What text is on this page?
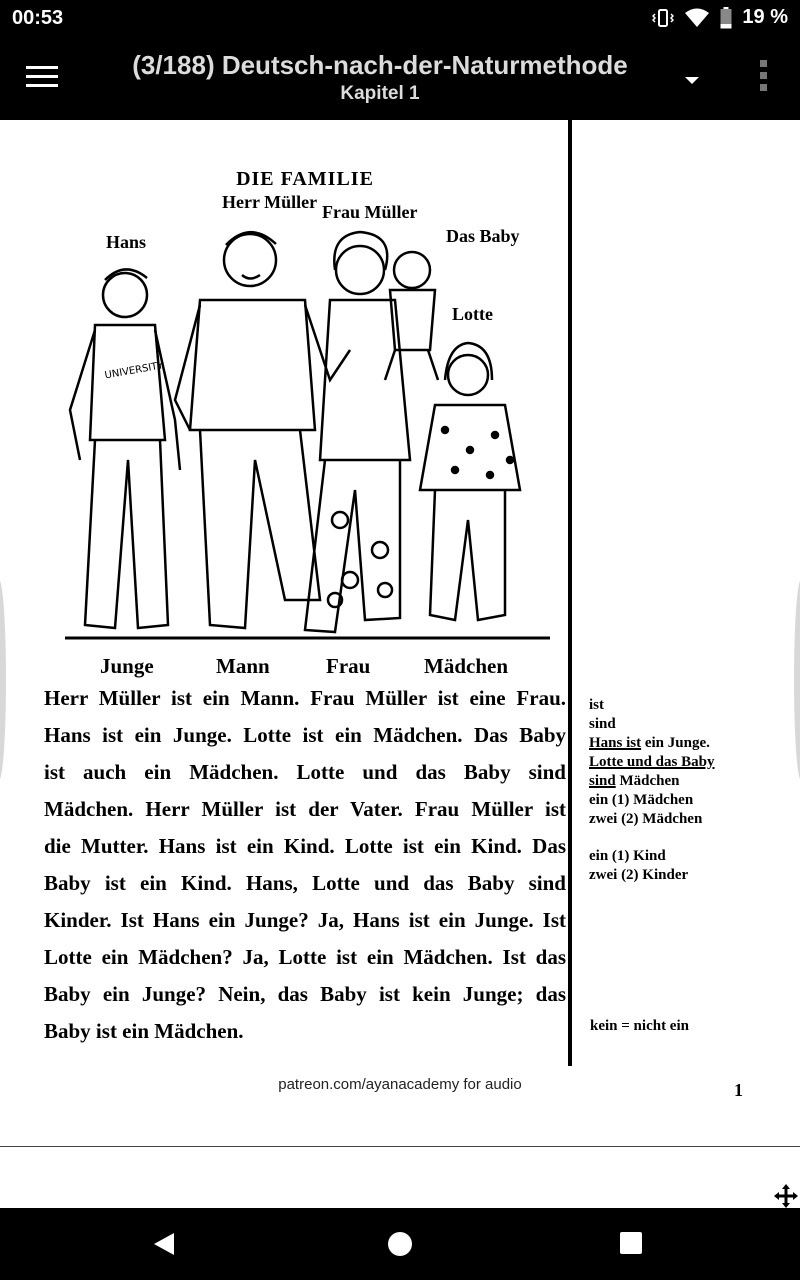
00:53	19 %
(3/188) Deutsch-nach-der-Naturmethode
Kapitel 1
DIE FAMILIE
UNIVERSITY
Herr Müller Frau Müller
Hans	Das Baby
Lotte
Junge	Mann	Frau	Mädchen
Herr Müller ist ein Mann. Frau Müller ist eine Frau.
Hans ist ein Junge. Lotte ist ein Mädchen. Das Baby
ist auch ein Mädchen. Lotte und das Baby sind
Mädchen. Herr Müller ist der Vater. Frau Müller ist
die Mutter. Hans ist ein Kind. Lotte ist ein Kind. Das
Baby ist ein Kind. Hans, Lotte und das Baby sind
Kinder. Ist Hans ein Junge? Ja, Hans ist ein Junge. Ist
Lotte ein Mädchen? Ja, Lotte ist ein Mädchen. Ist das
Baby ein Junge? Nein, das Baby ist kein Junge; das
Baby ist ein Mädchen.
ist
sind
Hans ist ein Junge.
Lotte und das Baby
sind Mädchen
ein (1) Mädchen
zwei (2) Mädchen
ein (1) Kind
zwei (2) Kinder
kein = nicht ein
patreon.com/ayanacademy for audio	1
